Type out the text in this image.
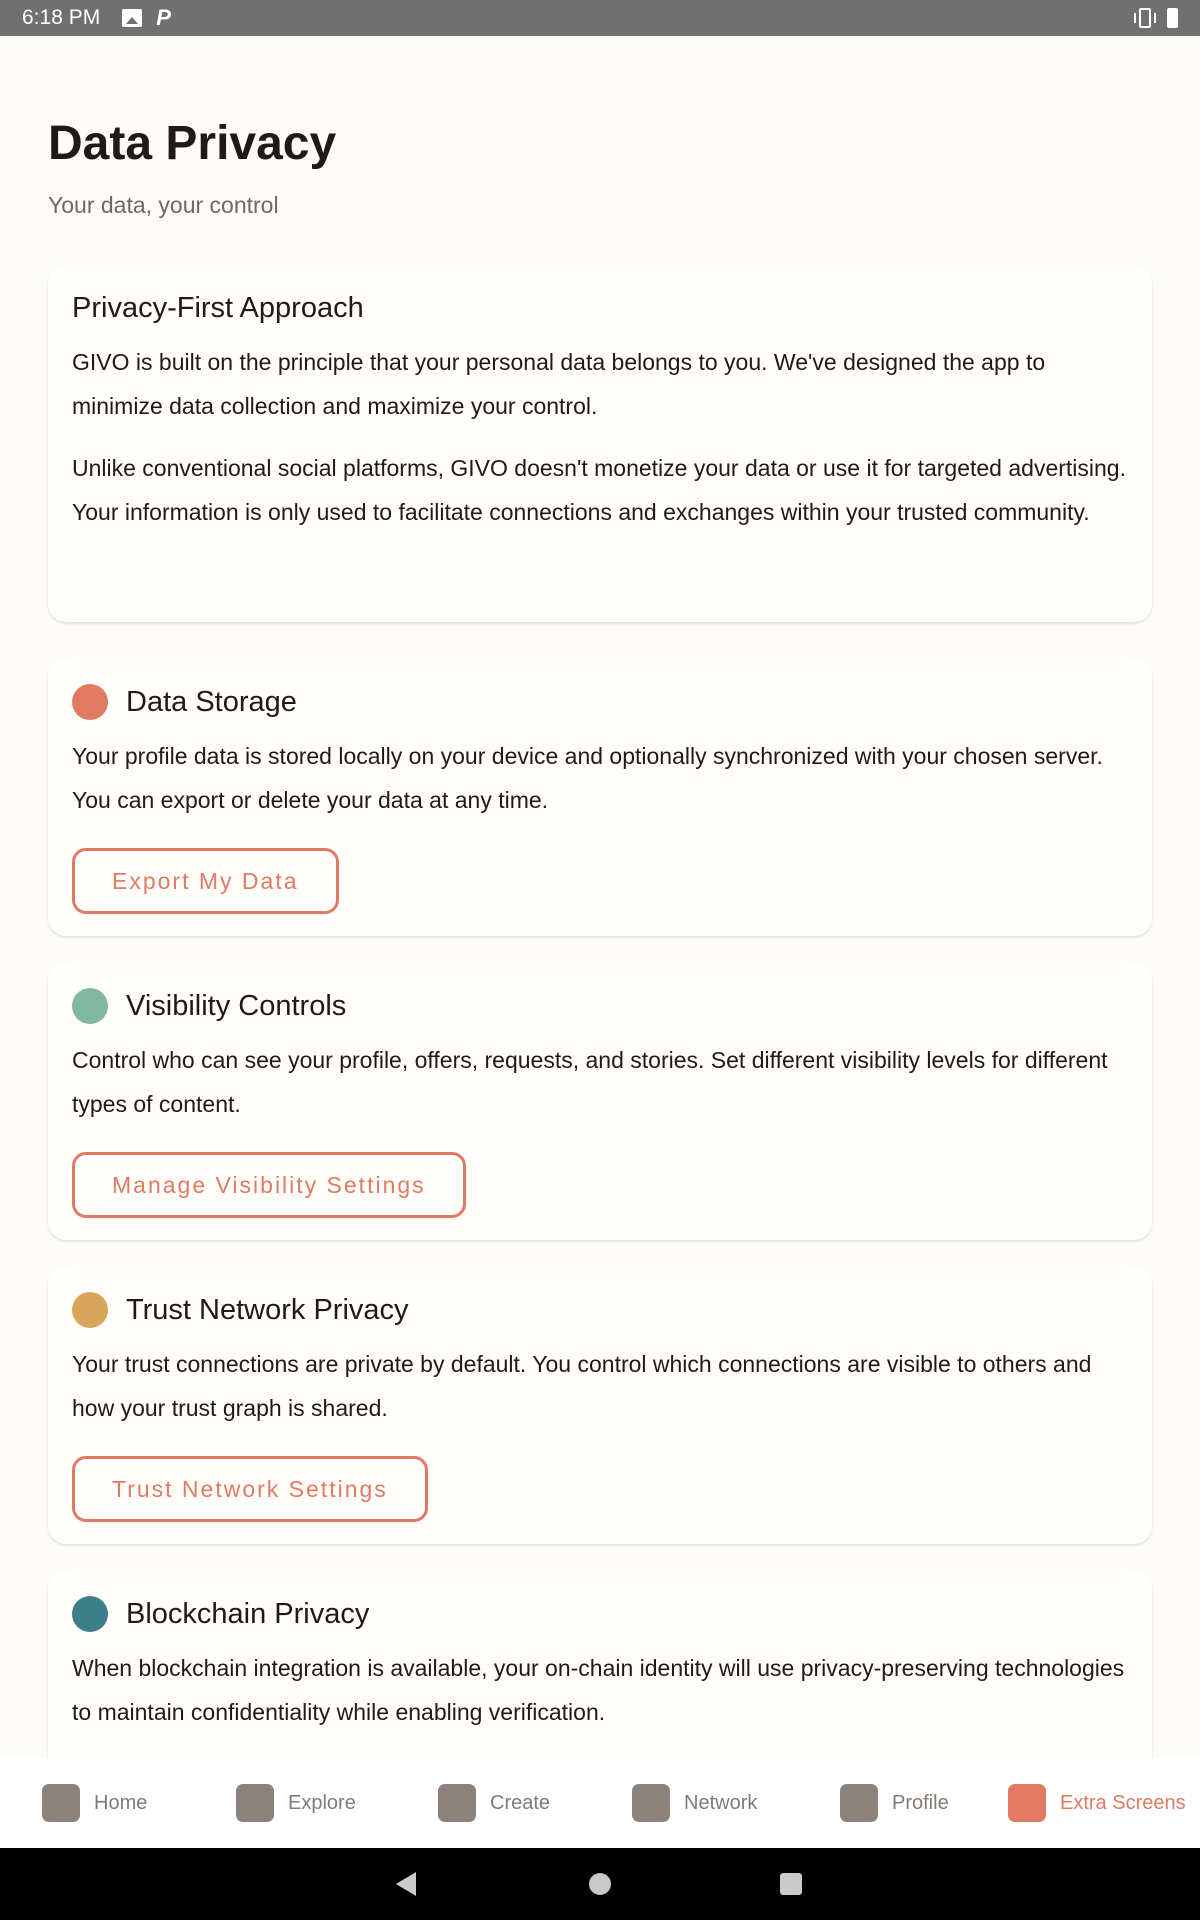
6:18 PM	P
Data Privacy
Your data, your control
Privacy-First Approach

GIVO is built on the principle that your personal data belongs to you. We've designed the app to minimize data collection and maximize your control.

Unlike conventional social platforms, GIVO doesn't monetize your data or use it for targeted advertising. Your information is only used to facilitate connections and exchanges within your trusted community.

Data Storage

Your profile data is stored locally on your device and optionally synchronized with your chosen server. You can export or delete your data at any time.

Export My Data
Visibility Controls

Control who can see your profile, offers, requests, and stories. Set different visibility levels for different types of content.

Manage Visibility Settings
Trust Network Privacy

Your trust connections are private by default. You control which connections are visible to others and how your trust graph is shared.

Trust Network Settings
Blockchain Privacy

When blockchain integration is available, your on-chain identity will use privacy-preserving technologies to maintain confidentiality while enabling verification.

Home	Explore	Create	Network	Profile	Extra Screens
